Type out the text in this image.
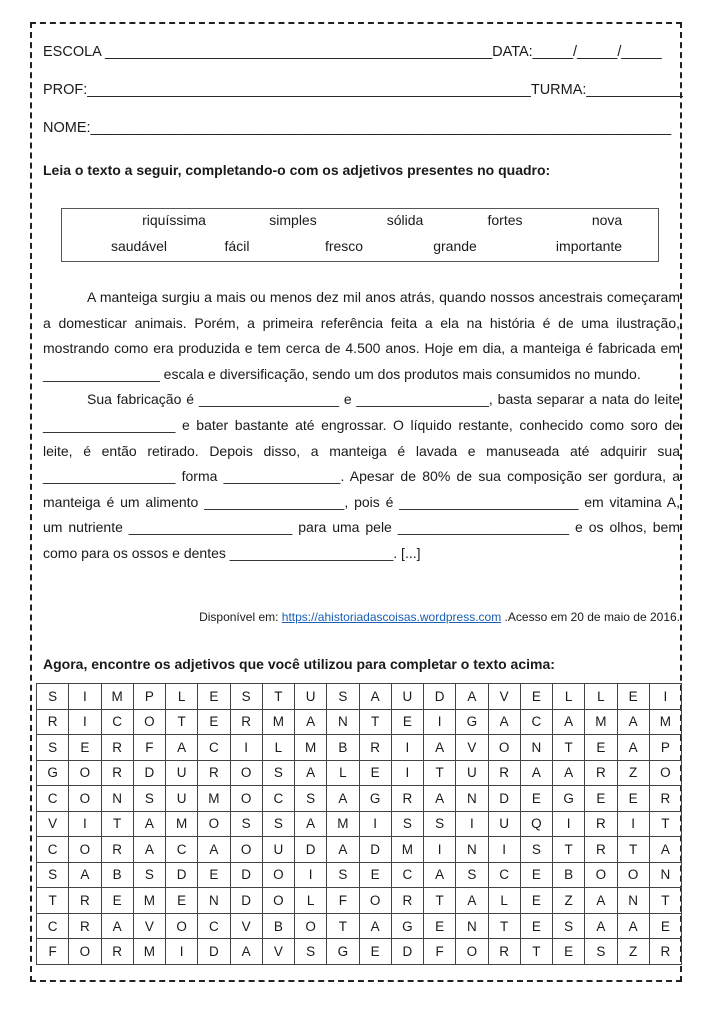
ESCOLA ________________________________________________DATA:_____/_____/_____
PROF:_______________________________________________________TURMA:____________
NOME:________________________________________________________________________
Leia o texto a seguir, completando-o com os adjetivos presentes no quadro:
riquíssima	simples	sólida	fortes	nova
saudável	fácil	fresco	grande	importante

A manteiga surgiu a mais ou menos dez mil anos atrás, quando nossos ancestrais começaram a domesticar animais. Porém, a primeira referência feita a ela na história é de uma ilustração, mostrando como era produzida e tem cerca de 4.500 anos. Hoje em dia, a manteiga é fabricada em _______________ escala e diversificação, sendo um dos produtos mais consumidos no mundo.

Sua fabricação é __________________ e _________________, basta separar a nata do leite _________________ e bater bastante até engrossar. O líquido restante, conhecido como soro de leite, é então retirado. Depois disso, a manteiga é lavada e manuseada até adquirir sua _________________ forma _______________. Apesar de 80% de sua composição ser gordura, a manteiga é um alimento __________________, pois é _______________________ em vitamina A, um nutriente _____________________ para uma pele ______________________ e os olhos, bem como para os ossos e dentes _____________________. [...]

Disponível em: https://ahistoriadascoisas.wordpress.com .Acesso em 20 de maio de 2016.
Agora, encontre os adjetivos que você utilizou para completar o texto acima:
S	I	M	P	L	E	S	T	U	S	A	U	D	A	V	E	L	L	E	I
R	I	C	O	T	E	R	M	A	N	T	E	I	G	A	C	A	M	A	M
S	E	R	F	A	C	I	L	M	B	R	I	A	V	O	N	T	E	A	P
G	O	R	D	U	R	O	S	A	L	E	I	T	U	R	A	A	R	Z	O
C	O	N	S	U	M	O	C	S	A	G	R	A	N	D	E	G	E	E	R
V	I	T	A	M	O	S	S	A	M	I	S	S	I	U	Q	I	R	I	T
C	O	R	A	C	A	O	U	D	A	D	M	I	N	I	S	T	R	T	A
S	A	B	S	D	E	D	O	I	S	E	C	A	S	C	E	B	O	O	N
T	R	E	M	E	N	D	O	L	F	O	R	T	A	L	E	Z	A	N	T
C	R	A	V	O	C	V	B	O	T	A	G	E	N	T	E	S	A	A	E
F	O	R	M	I	D	A	V	S	G	E	D	F	O	R	T	E	S	Z	R
